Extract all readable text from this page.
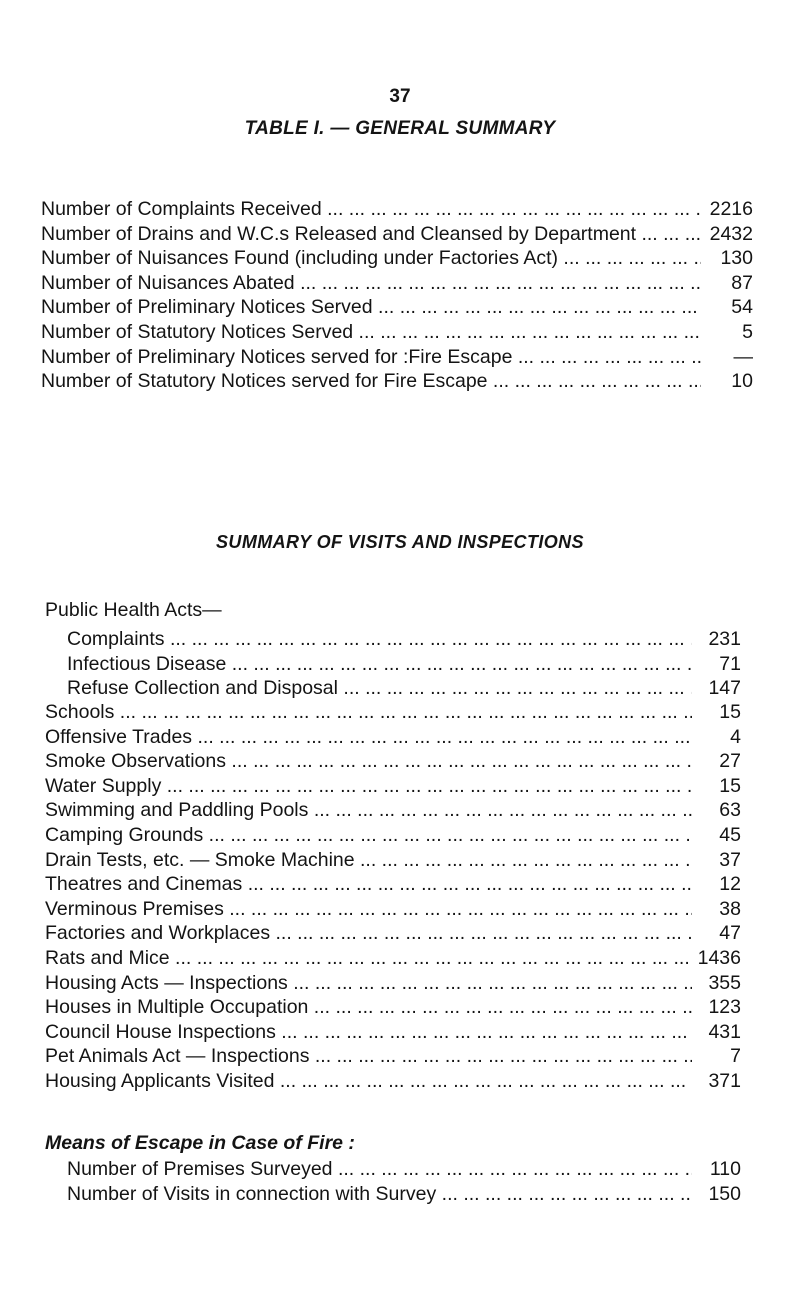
37
TABLE I. — GENERAL SUMMARY
Number of Complaints Received ... .	2216
Number of Drains and W.C.s Released and Cleansed by Department ... .	2432
Number of Nuisances Found (including under Factories Act) ... .	130
Number of Nuisances Abated ... .	87
Number of Preliminary Notices Served ... .	54
Number of Statutory Notices Served ... .	5
Number of Preliminary Notices served for :Fire Escape ... .	—
Number of Statutory Notices served for Fire Escape ... .	10
SUMMARY OF VISITS AND INSPECTIONS
Public Health Acts—
Complaints ... .	231
Infectious Disease ... .	71
Refuse Collection and Disposal ... .	147
Schools ... .	15
Offensive Trades ... .	4
Smoke Observations ... .	27
Water Supply ... .	15
Swimming and Paddling Pools ... .	63
Camping Grounds ... .	45
Drain Tests, etc. — Smoke Machine ... .	37
Theatres and Cinemas ... .	12
Verminous Premises ... .	38
Factories and Workplaces ... .	47
Rats and Mice ... .	1436
Housing Acts — Inspections ... .	355
Houses in Multiple Occupation ... .	123
Council House Inspections ... .	431
Pet Animals Act — Inspections ... .	7
Housing Applicants Visited ... .	371
Means of Escape in Case of Fire :
Number of Premises Surveyed ... .	110
Number of Visits in connection with Survey ... .	150
